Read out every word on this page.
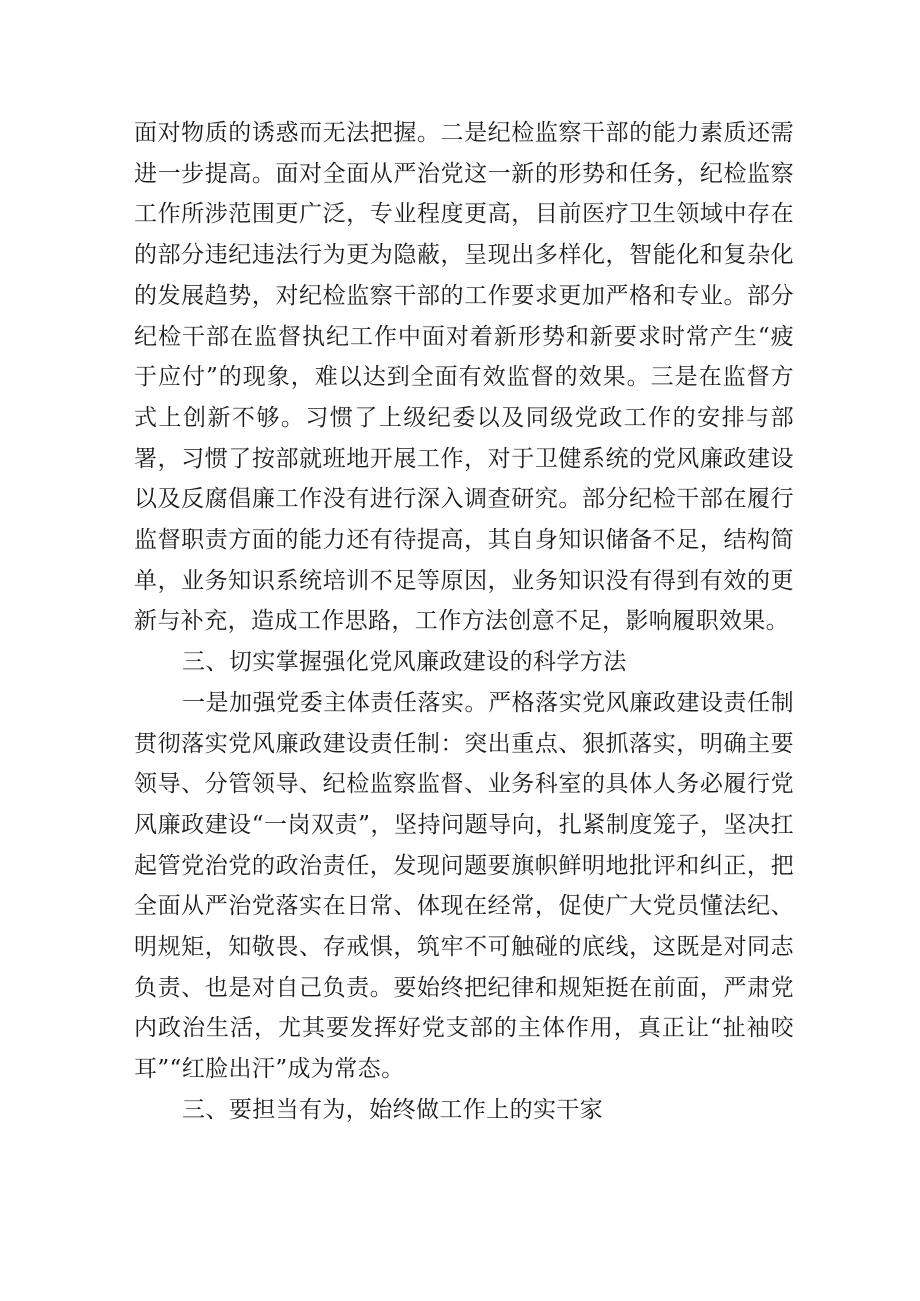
面对物质的诱惑而无法把握。二是纪检监察干部的能力素质还需进一步提高。面对全面从严治党这一新的形势和任务，纪检监察工作所涉范围更广泛，专业程度更高，目前医疗卫生领域中存在的部分违纪违法行为更为隐蔽，呈现出多样化，智能化和复杂化的发展趋势，对纪检监察干部的工作要求更加严格和专业。部分纪检干部在监督执纪工作中面对着新形势和新要求时常产生“疲于应付”的现象，难以达到全面有效监督的效果。三是在监督方式上创新不够。习惯了上级纪委以及同级党政工作的安排与部署，习惯了按部就班地开展工作，对于卫健系统的党风廉政建设以及反腐倡廉工作没有进行深入调查研究。部分纪检干部在履行监督职责方面的能力还有待提高，其自身知识储备不足，结构简单，业务知识系统培训不足等原因，业务知识没有得到有效的更新与补充，造成工作思路，工作方法创意不足，影响履职效果。

三、切实掌握强化党风廉政建设的科学方法

一是加强党委主体责任落实。严格落实党风廉政建设责任制贯彻落实党风廉政建设责任制：突出重点、狠抓落实，明确主要领导、分管领导、纪检监察监督、业务科室的具体人务必履行党风廉政建设“一岗双责”，坚持问题导向，扎紧制度笼子，坚决扛起管党治党的政治责任，发现问题要旗帜鲜明地批评和纠正，把全面从严治党落实在日常、体现在经常，促使广大党员懂法纪、明规矩，知敬畏、存戒惧，筑牢不可触碰的底线，这既是对同志负责、也是对自己负责。要始终把纪律和规矩挺在前面，严肃党内政治生活，尤其要发挥好党支部的主体作用，真正让“扯袖咬耳”“红脸出汗”成为常态。

三、要担当有为，始终做工作上的实干家
